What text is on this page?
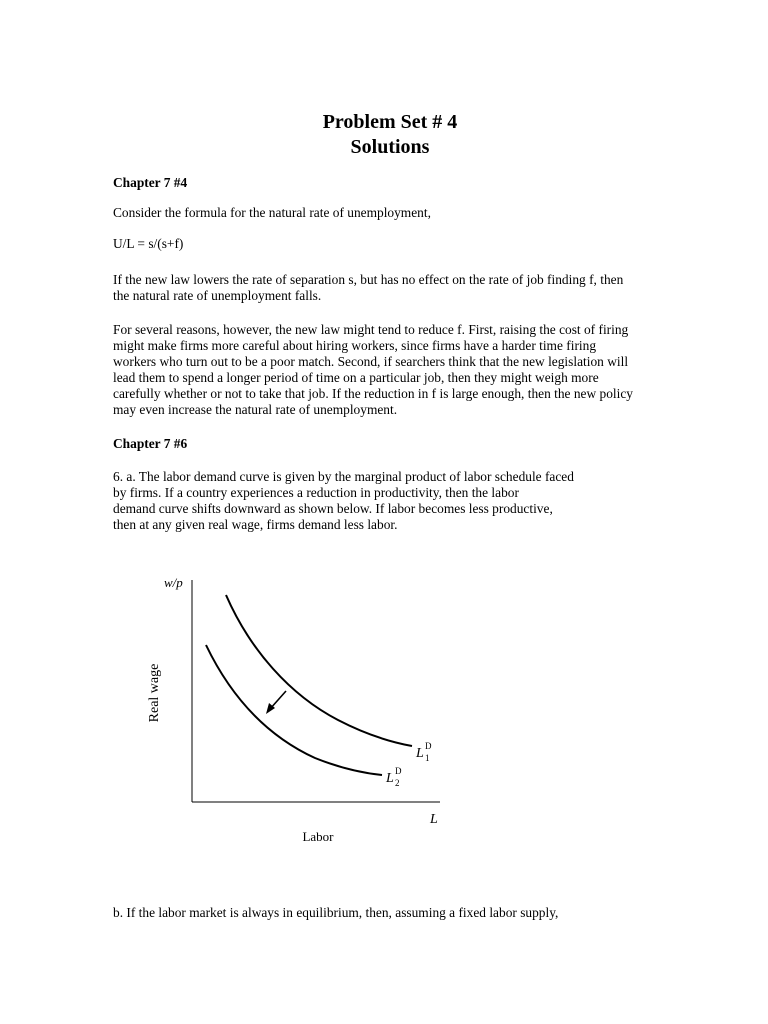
Problem Set # 4
Solutions
Chapter 7 #4
Consider the formula for the natural rate of unemployment,
U/L = s/(s+f)
If the new law lowers the rate of separation s, but has no effect on the rate of job finding f, then
the natural rate of unemployment falls.
For several reasons, however, the new law might tend to reduce f. First, raising the cost of firing
might make firms more careful about hiring workers, since firms have a harder time firing
workers who turn out to be a poor match. Second, if searchers think that the new legislation will
lead them to spend a longer period of time on a particular job, then they might weigh more
carefully whether or not to take that job. If the reduction in f is large enough, then the new policy
may even increase the natural rate of unemployment.
Chapter 7 #6
6. a. The labor demand curve is given by the marginal product of labor schedule faced
by firms. If a country experiences a reduction in productivity, then the labor
demand curve shifts downward as shown below. If labor becomes less productive,
then at any given real wage, firms demand less labor.
w/p
Real wage
L D
1
L D
2
L
Labor
b. If the labor market is always in equilibrium, then, assuming a fixed labor supply,
